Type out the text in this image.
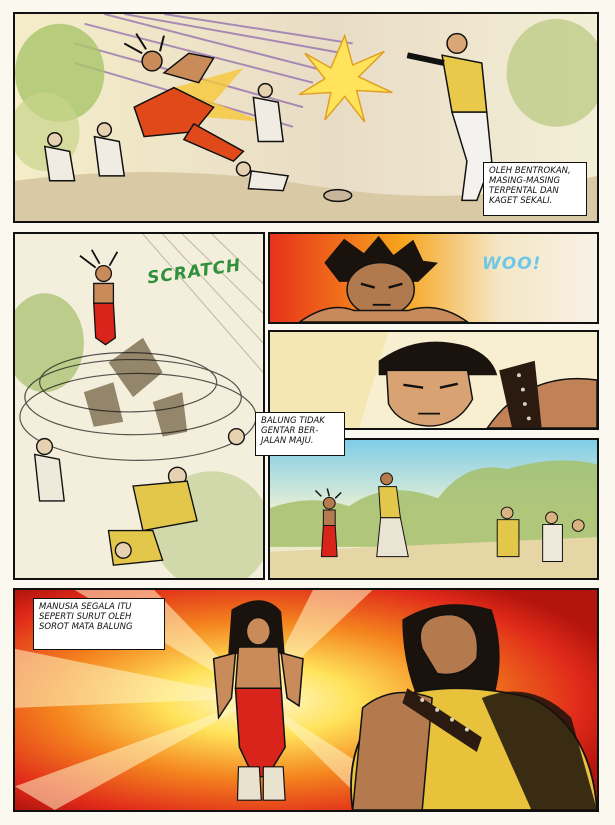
OLEH BENTROKAN, MASING-MASING TERPENTAL DAN KAGET SEKALI.
SCRATCH	WOO!
BALUNG TIDAK GENTAR BER- JALAN MAJU.
MANUSIA SEGALA ITU SEPERTI SURUT OLEH SOROT MATA BALUNG
